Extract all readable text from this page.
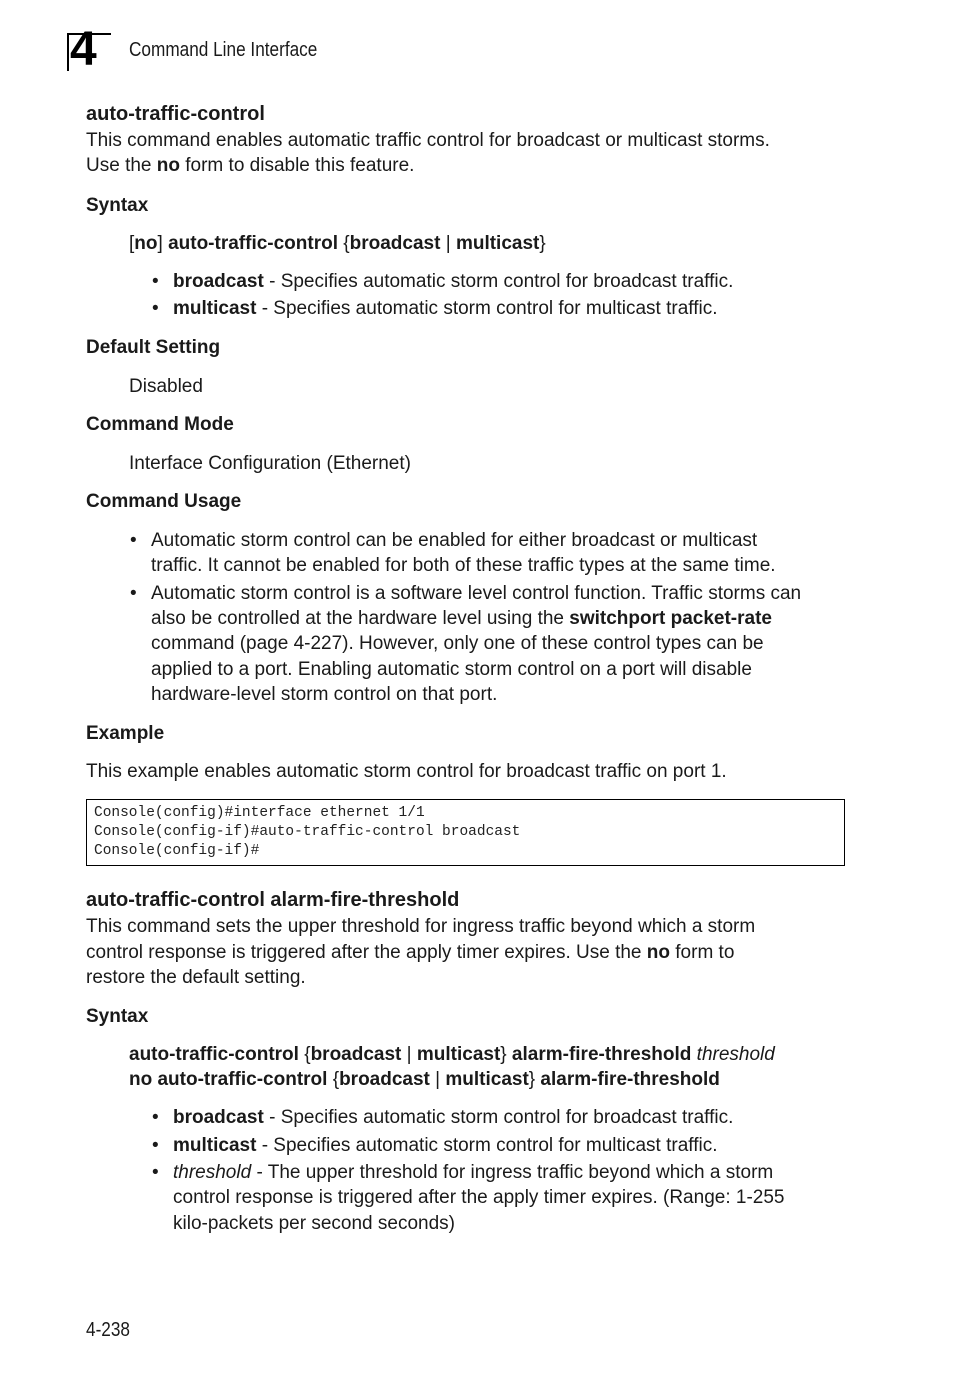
4 Command Line Interface
auto-traffic-control
This command enables automatic traffic control for broadcast or multicast storms.
Use the no form to disable this feature.
Syntax
[no] auto-traffic-control {broadcast | multicast}
• broadcast - Specifies automatic storm control for broadcast traffic.
• multicast - Specifies automatic storm control for multicast traffic.
Default Setting
Disabled
Command Mode
Interface Configuration (Ethernet)
Command Usage
• Automatic storm control can be enabled for either broadcast or multicast
traffic. It cannot be enabled for both of these traffic types at the same time.
• Automatic storm control is a software level control function. Traffic storms can
also be controlled at the hardware level using the switchport packet-rate
command (page 4-227). However, only one of these control types can be
applied to a port. Enabling automatic storm control on a port will disable
hardware-level storm control on that port.
Example
This example enables automatic storm control for broadcast traffic on port 1.
Console(config)#interface ethernet 1/1
Console(config-if)#auto-traffic-control broadcast
Console(config-if)#
auto-traffic-control alarm-fire-threshold
This command sets the upper threshold for ingress traffic beyond which a storm
control response is triggered after the apply timer expires. Use the no form to
restore the default setting.
Syntax
auto-traffic-control {broadcast | multicast} alarm-fire-threshold threshold
no auto-traffic-control {broadcast | multicast} alarm-fire-threshold
• broadcast - Specifies automatic storm control for broadcast traffic.
• multicast - Specifies automatic storm control for multicast traffic.
• threshold - The upper threshold for ingress traffic beyond which a storm
control response is triggered after the apply timer expires. (Range: 1-255
kilo-packets per second seconds)
4-238
